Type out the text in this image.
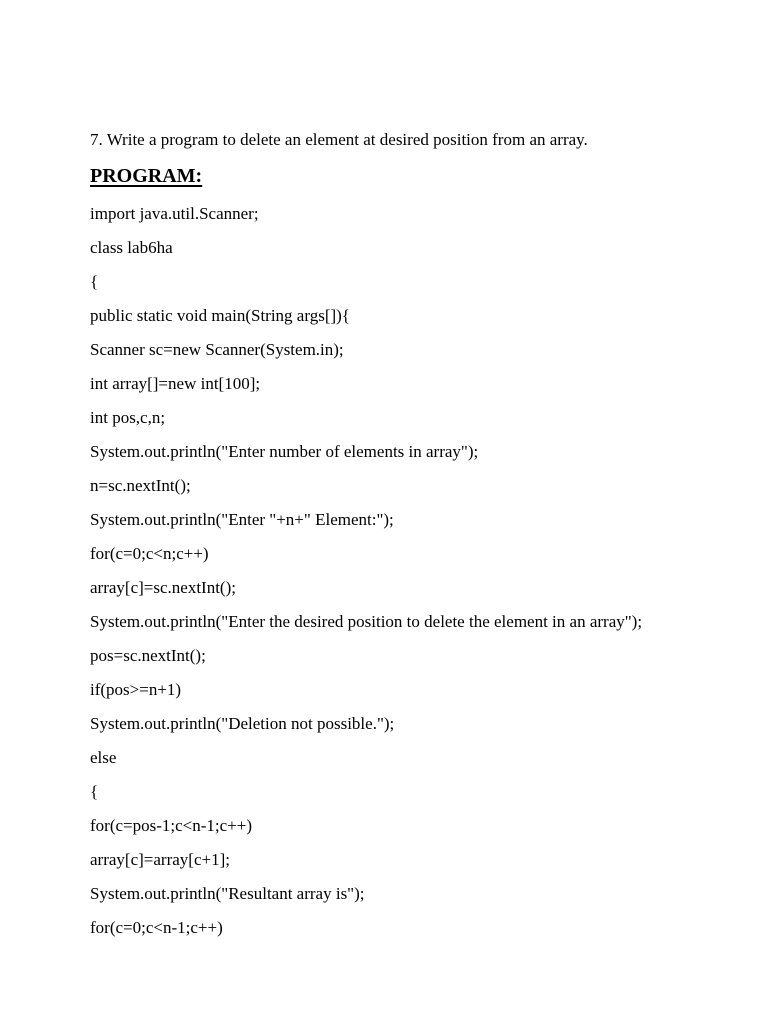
7. Write a program to delete an element at desired position from an array.
PROGRAM:
import java.util.Scanner;
class lab6ha
{
public static void main(String args[]){
Scanner sc=new Scanner(System.in);
int array[]=new int[100];
int pos,c,n;
System.out.println("Enter number of elements in array");
n=sc.nextInt();
System.out.println("Enter "+n+" Element:");
for(c=0;c<n;c++)
array[c]=sc.nextInt();
System.out.println("Enter the desired position to delete the element in an array");
pos=sc.nextInt();
if(pos>=n+1)
System.out.println("Deletion not possible.");
else
{
for(c=pos-1;c<n-1;c++)
array[c]=array[c+1];
System.out.println("Resultant array is");
for(c=0;c<n-1;c++)
